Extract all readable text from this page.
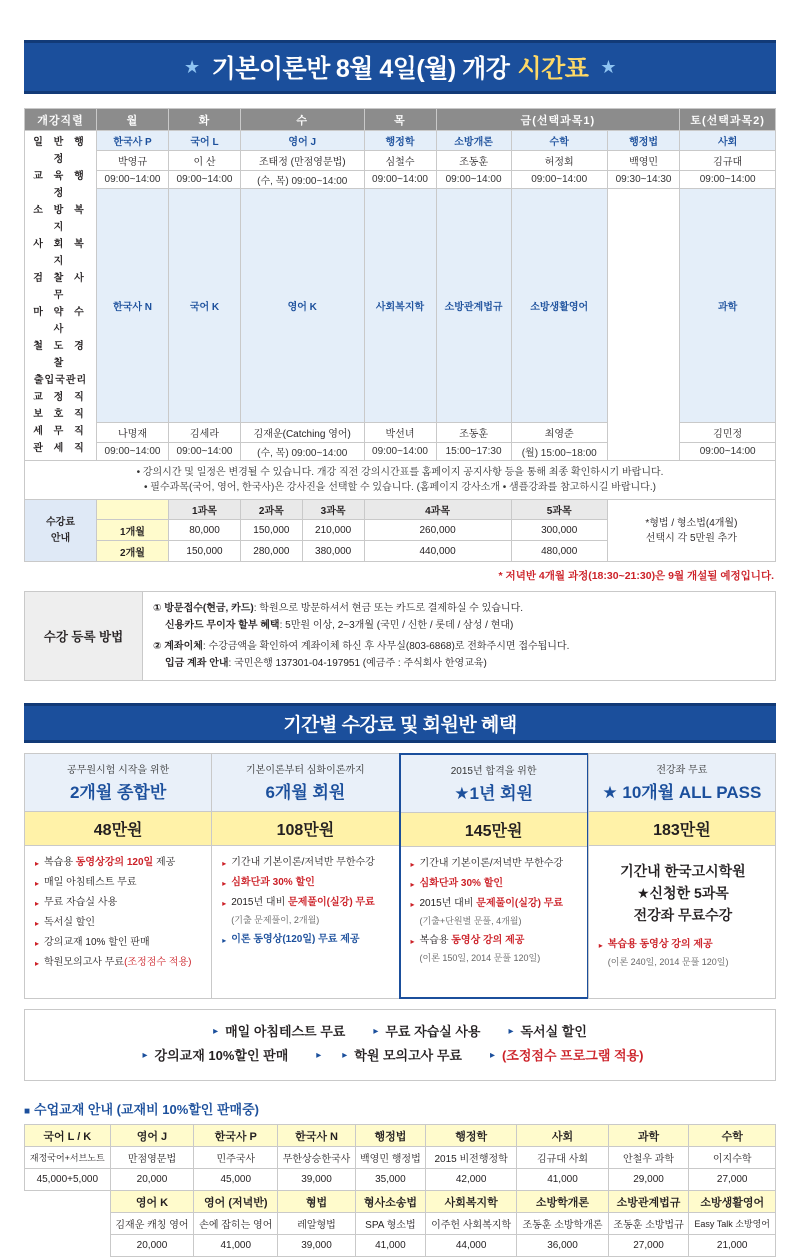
★ 기본이론반 8월 4일(월) 개강 시간표 ★
개강직렬	월	화	수		목	금(선택과목1)			토(선택과목2)

일 반 행 정
교 육 행 정
소 방 복 지
사 회 복 지
검 찰 사 무
마 약 수 사
철 도 경 찰
출입국관리
교 정 직
보 호 직
세 무 직
관 세 직
	한국사 P	국어 L	영어 J	행정학	소방개론	수학	행정법	사회
	박영규	이 산	조태정 (만점영문법)		심철수	조동훈	허정회	백영민	김규대
	09:00~14:00	09:00~14:00	(수, 목) 09:00~14:00		09:00~14:00	09:00~14:00	09:00~14:00	09:30~14:30	09:00~14:00
	한국사 N	국어 K	영어 K		사회복지학	소방관계법규	소방생활영어		과학
	나명재	김세라	김재운(Catching 영어)		박선녀	조동훈	최영준		김민정
	09:00~14:00	09:00~14:00	(수, 목) 09:00~14:00		09:00~14:00	15:00~17:30	(월) 15:00~18:00		09:00~14:00

• 강의시간 및 일정은 변경될 수 있습니다. 개강 직전 강의시간표를 홈페이지 공지사항 등을 통해 최종 확인하시기 바랍니다.
• 필수과목(국어, 영어, 한국사)은 강사진을 선택할 수 있습니다. (홈페이지 강사소개 • 샘플강좌를 참고하시길 바랍니다.)									

수강료
안내
		1과목	2과목	3과목	4과목	5과목	
*형법 / 형소법(4개월)
선택시 각 5만원 추가

	1개월	80,000	150,000	210,000	260,000		300,000		
	2개월	150,000	280,000	380,000	440,000		480,000		
* 저녁반 4개월 과정(18:30~21:30)은 9월 개설될 예정입니다.
수강 등록 방법	
① 방문접수(현금, 카드): 학원으로 방문하셔서 현금 또는 카드로 결제하실 수 있습니다.
신용카드 무이자 할부 혜택: 5만원 이상, 2~3개월 (국민 / 신한 / 롯데 / 삼성 / 현대)
② 계좌이체: 수강금액을 확인하여 계좌이체 하신 후 사무실(803-6868)로 전화주시면 접수됩니다.
입금 계좌 안내: 국민은행 137301-04-197951 (예금주 : 주식회사 한영교육)
기간별 수강료 및 회원반 혜택
공무원시험 시작을 위한
2개월 종합반
48만원
▸ 복습용 동영상강의 120일 제공
▸ 매일 아침테스트 무료
▸ 무료 자습실 사용
▸ 독서실 할인
▸ 강의교재 10% 할인 판매
▸ 학원모의고사 무료(조정점수 적용)
기본이론부터 심화이론까지
6개월 회원
108만원
▸ 기간내 기본이론/저녁반 무한수강
▸ 심화단과 30% 할인
▸ 2015년 대비 문제풀이(실강) 무료
(기출 문제풀이, 2개월)
▸ 이론 동영상(120일) 무료 제공
2015년 합격을 위한
★1년 회원
145만원
▸ 기간내 기본이론/저녁반 무한수강
▸ 심화단과 30% 할인
▸ 2015년 대비 문제풀이(실강) 무료
(기출+단원별 문풀, 4개월)
▸ 복습용 동영상 강의 제공
(이론 150일, 2014 문풀 120일)
전강좌 무료
★ 10개월 ALL PASS
183만원
기간내 한국고시학원
★신청한 5과목
전강좌 무료수강
▸ 복습용 동영상 강의 제공
(이론 240일, 2014 문풀 120일)
▸ 매일 아침테스트 무료	▸ 무료 자습실 사용	▸ 독서실 할인
▸ 강의교재 10%할인 판매	▸ ▸ 학원 모의고사 무료	▸ (조정점수 프로그램 적용)
■ 수업교재 안내 (교재비 10%할인 판매중)
국어 L / K	영어 J	한국사 P	한국사 N	행정법	행정학	사회	과학	수학
재정국어+서브노트	만점영문법	민주국사	무한상승한국사	백영민 행정법	2015 비전행정학	김규대 사회	안철우 과학	이지수학
45,000+5,000	20,000	45,000	39,000	35,000	42,000	41,000	29,000	27,000
	영어 K	영어 (저녁반)	형법	형사소송법	사회복지학	소방학개론	소방관계법규	소방생활영어
	김재운 캐칭 영어	손에 잡히는 영어	레알형법	SPA 형소법	이주헌 사회복지학	조동훈 소방학개론	조동훈 소방법규	Easy Talk 소방영어
	20,000	41,000	39,000	41,000	44,000	36,000	27,000	21,000
